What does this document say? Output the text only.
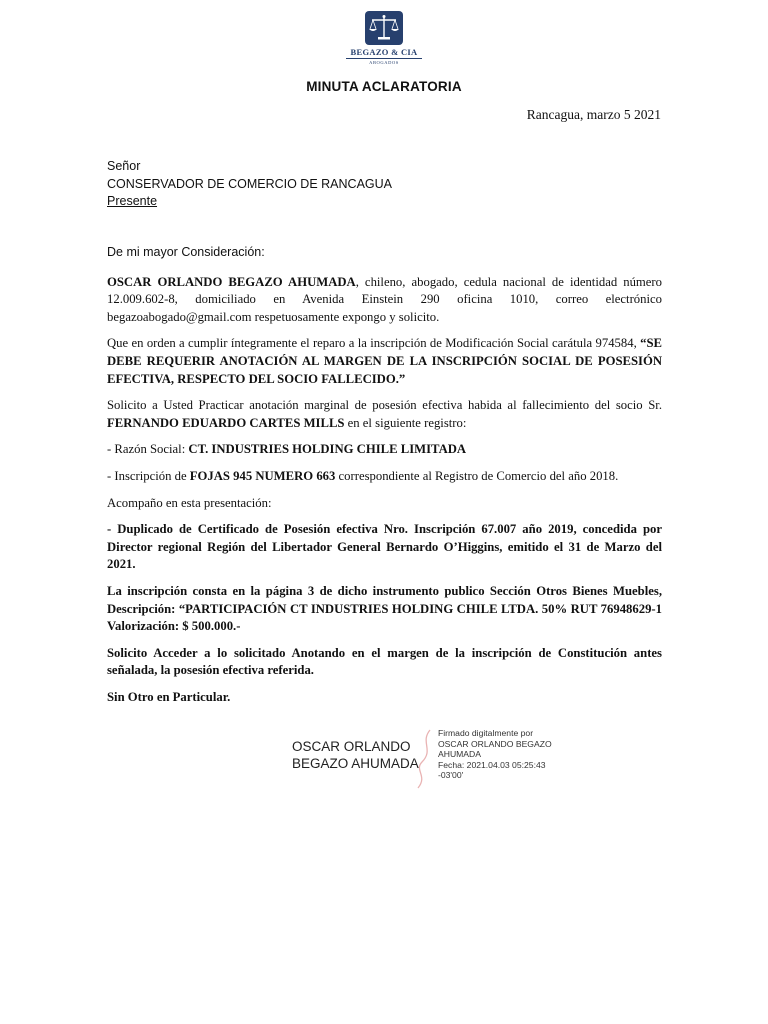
BEGAZO & CIA
ABOGADOS
MINUTA ACLARATORIA
Rancagua, marzo 5 2021
Señor
CONSERVADOR DE COMERCIO DE RANCAGUA
Presente

De mi mayor Consideración:

OSCAR ORLANDO BEGAZO AHUMADA, chileno, abogado, cedula nacional de identidad número 12.009.602-8, domiciliado en Avenida Einstein 290 oficina 1010, correo electrónico begazoabogado@gmail.com respetuosamente expongo y solicito.

Que en orden a cumplir íntegramente el reparo a la inscripción de Modificación Social carátula 974584, “SE DEBE REQUERIR ANOTACIÓN AL MARGEN DE LA INSCRIPCIÓN SOCIAL DE POSESIÓN EFECTIVA, RESPECTO DEL SOCIO FALLECIDO.”

Solicito a Usted Practicar anotación marginal de posesión efectiva habida al fallecimiento del socio Sr. FERNANDO EDUARDO CARTES MILLS en el siguiente registro:

- Razón Social: CT. INDUSTRIES HOLDING CHILE LIMITADA

- Inscripción de FOJAS 945 NUMERO 663 correspondiente al Registro de Comercio del año 2018.

Acompaño en esta presentación:

- Duplicado de Certificado de Posesión efectiva Nro. Inscripción 67.007 año 2019, concedida por Director regional Región del Libertador General Bernardo O’Higgins, emitido el 31 de Marzo del 2021.

La inscripción consta en la página 3 de dicho instrumento publico Sección Otros Bienes Muebles, Descripción: “PARTICIPACIÓN CT INDUSTRIES HOLDING CHILE LTDA. 50% RUT 76948629-1 Valorización: $ 500.000.-

Solicito Acceder a lo solicitado Anotando en el margen de la inscripción de Constitución antes señalada, la posesión efectiva referida.

Sin Otro en Particular.

OSCAR ORLANDO
BEGAZO AHUMADA
Firmado digitalmente por
OSCAR ORLANDO BEGAZO
AHUMADA
Fecha: 2021.04.03 05:25:43
-03'00'
